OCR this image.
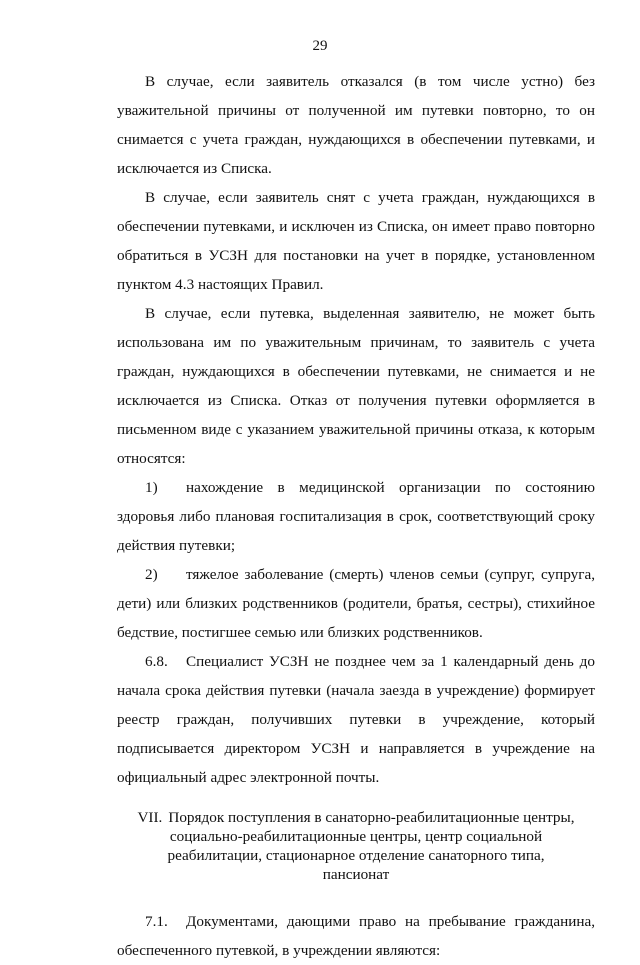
29

В случае, если заявитель отказался (в том числе устно) без уважительной причины от полученной им путевки повторно, то он снимается с учета граждан, нуждающихся в обеспечении путевками, и исключается из Списка.

В случае, если заявитель снят с учета граждан, нуждающихся в обеспечении путевками, и исключен из Списка, он имеет право повторно обратиться в УСЗН для постановки на учет в порядке, установленном пунктом 4.3 настоящих Правил.

В случае, если путевка, выделенная заявителю, не может быть использована им по уважительным причинам, то заявитель с учета граждан, нуждающихся в обеспечении путевками, не снимается и не исключается из Списка. Отказ от получения путевки оформляется в письменном виде с указанием уважительной причины отказа, к которым относятся:

1) нахождение в медицинской организации по состоянию здоровья либо плановая госпитализация в срок, соответствующий сроку действия путевки;

2) тяжелое заболевание (смерть) членов семьи (супруг, супруга, дети) или близких родственников (родители, братья, сестры), стихийное бедствие, постигшее семью или близких родственников.

6.8. Специалист УСЗН не позднее чем за 1 календарный день до начала срока действия путевки (начала заезда в учреждение) формирует реестр граждан, получивших путевки в учреждение, который подписывается директором УСЗН и направляется в учреждение на официальный адрес электронной почты.

VII. Порядок поступления в санаторно-реабилитационные центры, социально-реабилитационные центры, центр социальной реабилитации, стационарное отделение санаторного типа, пансионат

7.1. Документами, дающими право на пребывание гражданина, обеспеченного путевкой, в учреждении являются:
